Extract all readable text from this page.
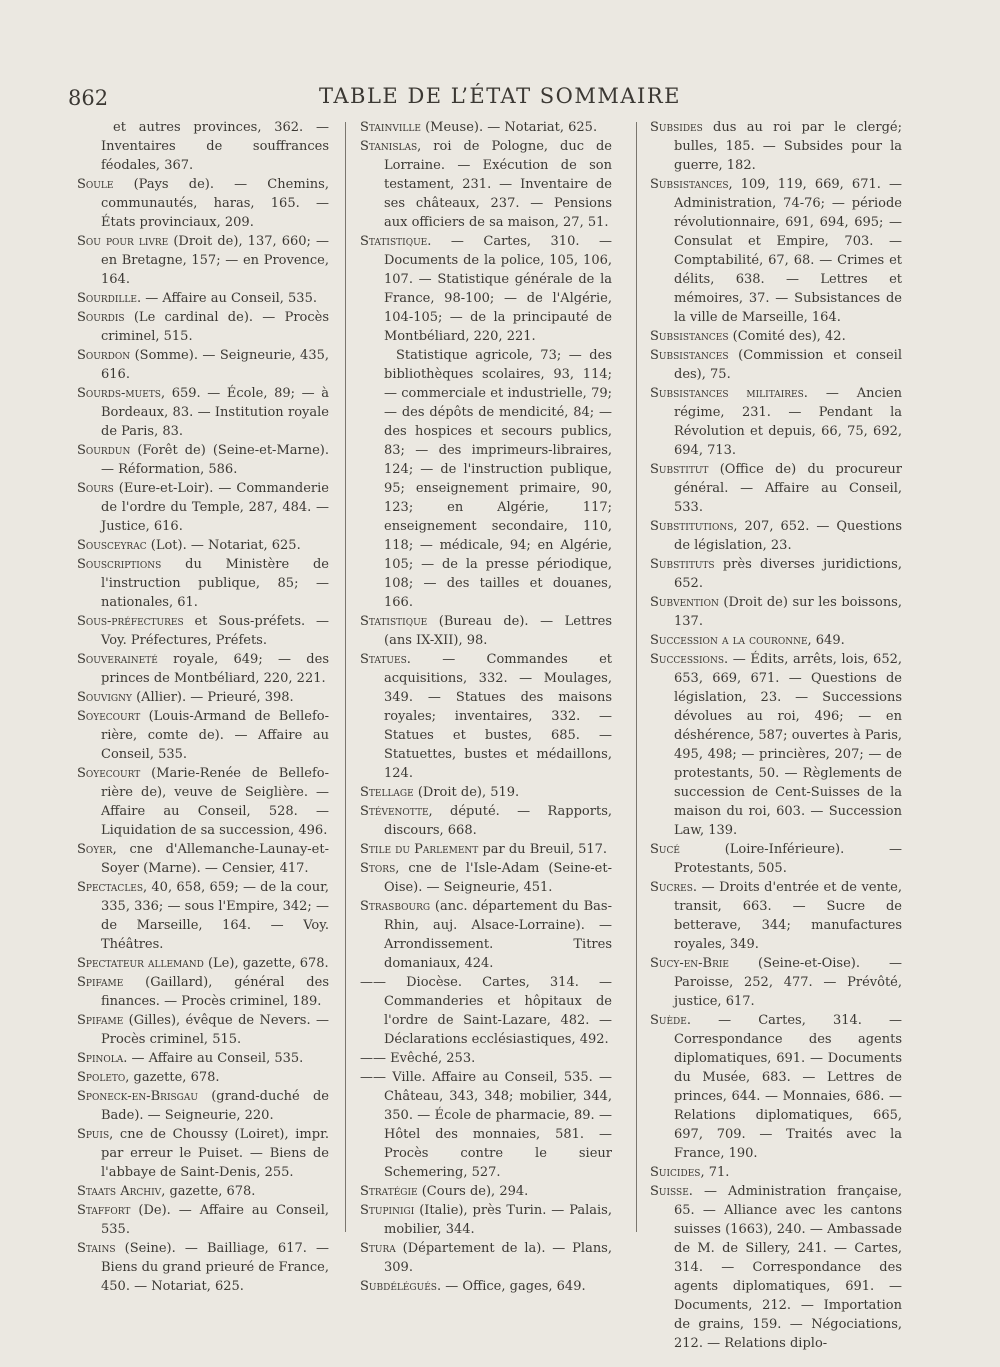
862	TABLE DE L’ÉTAT SOMMAIRE

et autres provinces, 362. — Inventaires de souffrances féodales, 367.

Soule (Pays de). — Chemins, communautés, haras, 165. — États provinciaux, 209.

Sou pour livre (Droit de), 137, 660; — en Bretagne, 157; — en Provence, 164.

Sourdille. — Affaire au Conseil, 535.

Sourdis (Le cardinal de). — Procès criminel, 515.

Sourdon (Somme). — Seigneurie, 435, 616.

Sourds-muets, 659. — École, 89; — à Bordeaux, 83. — Institution royale de Paris, 83.

Sourdun (Forêt de) (Seine-et-Marne). — Réformation, 586.

Sours (Eure-et-Loir). — Commanderie de l'ordre du Temple, 287, 484. — Justice, 616.

Sousceyrac (Lot). — Notariat, 625.

Souscriptions du Ministère de l'instruction publique, 85; — nationales, 61.

Sous-préfectures et Sous-préfets. — Voy. Préfectures, Préfets.

Souveraineté royale, 649; — des princes de Montbéliard, 220, 221.

Souvigny (Allier). — Prieuré, 398.

Soyecourt (Louis-Armand de Belleforière, comte de). — Affaire au Conseil, 535.

Soyecourt (Marie-Renée de Belleforière de), veuve de Seiglière. — Affaire au Conseil, 528. — Liquidation de sa succession, 496.

Soyer, cne d'Allemanche-Launay-et-Soyer (Marne). — Censier, 417.

Spectacles, 40, 658, 659; — de la cour, 335, 336; — sous l'Empire, 342; — de Marseille, 164. — Voy. Théâtres.

Spectateur allemand (Le), gazette, 678.

Spifame (Gaillard), général des finances. — Procès criminel, 189.

Spifame (Gilles), évêque de Nevers. — Procès criminel, 515.

Spinola. — Affaire au Conseil, 535.

Spoleto, gazette, 678.

Sponeck-en-Brisgau (grand-duché de Bade). — Seigneurie, 220.

Spuis, cne de Choussy (Loiret), impr. par erreur le Puiset. — Biens de l'abbaye de Saint-Denis, 255.

Staats Archiv, gazette, 678.

Staffort (De). — Affaire au Conseil, 535.

Stains (Seine). — Bailliage, 617. — Biens du grand prieuré de France, 450. — Notariat, 625.

Stainville (Meuse). — Notariat, 625.

Stanislas, roi de Pologne, duc de Lorraine. — Exécution de son testament, 231. — Inventaire de ses châteaux, 237. — Pensions aux officiers de sa maison, 27, 51.

Statistique. — Cartes, 310. — Documents de la police, 105, 106, 107. — Statistique générale de la France, 98-100; — de l'Algérie, 104-105; — de la principauté de Montbéliard, 220, 221.

Statistique agricole, 73; — des bibliothèques scolaires, 93, 114; — commerciale et industrielle, 79; — des dépôts de mendicité, 84; — des hospices et secours publics, 83; — des imprimeurs-libraires, 124; — de l'instruction publique, 95; enseignement primaire, 90, 123; en Algérie, 117; enseignement secondaire, 110, 118; — médicale, 94; en Algérie, 105; — de la presse périodique, 108; — des tailles et douanes, 166.

Statistique (Bureau de). — Lettres (ans IX-XII), 98.

Statues. — Commandes et acquisitions, 332. — Moulages, 349. — Statues des maisons royales; inventaires, 332. — Statues et bustes, 685. — Statuettes, bustes et médaillons, 124.

Stellage (Droit de), 519.

Stévenotte, député. — Rapports, discours, 668.

Stile du Parlement par du Breuil, 517.

Stors, cne de l'Isle-Adam (Seine-et-Oise). — Seigneurie, 451.

Strasbourg (anc. département du Bas-Rhin, auj. Alsace-Lorraine). — Arrondissement. Titres domaniaux, 424.

—— Diocèse. Cartes, 314. — Commanderies et hôpitaux de l'ordre de Saint-Lazare, 482. — Déclarations ecclésiastiques, 492.

—— Evêché, 253.

—— Ville. Affaire au Conseil, 535. — Château, 343, 348; mobilier, 344, 350. — École de pharmacie, 89. — Hôtel des monnaies, 581. — Procès contre le sieur Schemering, 527.

Stratégie (Cours de), 294.

Stupinigi (Italie), près Turin. — Palais, mobilier, 344.

Stura (Département de la). — Plans, 309.

Subdélégués. — Office, gages, 649.

Subsides dus au roi par le clergé; bulles, 185. — Subsides pour la guerre, 182.

Subsistances, 109, 119, 669, 671. — Administration, 74-76; — période révolutionnaire, 691, 694, 695; — Consulat et Empire, 703. — Comptabilité, 67, 68. — Crimes et délits, 638. — Lettres et mémoires, 37. — Subsistances de la ville de Marseille, 164.

Subsistances (Comité des), 42.

Subsistances (Commission et conseil des), 75.

Subsistances militaires. — Ancien régime, 231. — Pendant la Révolution et depuis, 66, 75, 692, 694, 713.

Substitut (Office de) du procureur général. — Affaire au Conseil, 533.

Substitutions, 207, 652. — Questions de législation, 23.

Substituts près diverses juridictions, 652.

Subvention (Droit de) sur les boissons, 137.

Succession a la couronne, 649.

Successions. — Édits, arrêts, lois, 652, 653, 669, 671. — Questions de législation, 23. — Successions dévolues au roi, 496; — en déshérence, 587; ouvertes à Paris, 495, 498; — princières, 207; — de protestants, 50. — Règlements de succession de Cent-Suisses de la maison du roi, 603. — Succession Law, 139.

Sucé (Loire-Inférieure). — Protestants, 505.

Sucres. — Droits d'entrée et de vente, transit, 663. — Sucre de betterave, 344; manufactures royales, 349.

Sucy-en-Brie (Seine-et-Oise). — Paroisse, 252, 477. — Prévôté, justice, 617.

Suède. — Cartes, 314. — Correspondance des agents diplomatiques, 691. — Documents du Musée, 683. — Lettres de princes, 644. — Monnaies, 686. — Relations diplomatiques, 665, 697, 709. — Traités avec la France, 190.

Suicides, 71.

Suisse. — Administration française, 65. — Alliance avec les cantons suisses (1663), 240. — Ambassade de M. de Sillery, 241. — Cartes, 314. — Correspondance des agents diplomatiques, 691. — Documents, 212. — Importation de grains, 159. — Négociations, 212. — Relations diplo-
